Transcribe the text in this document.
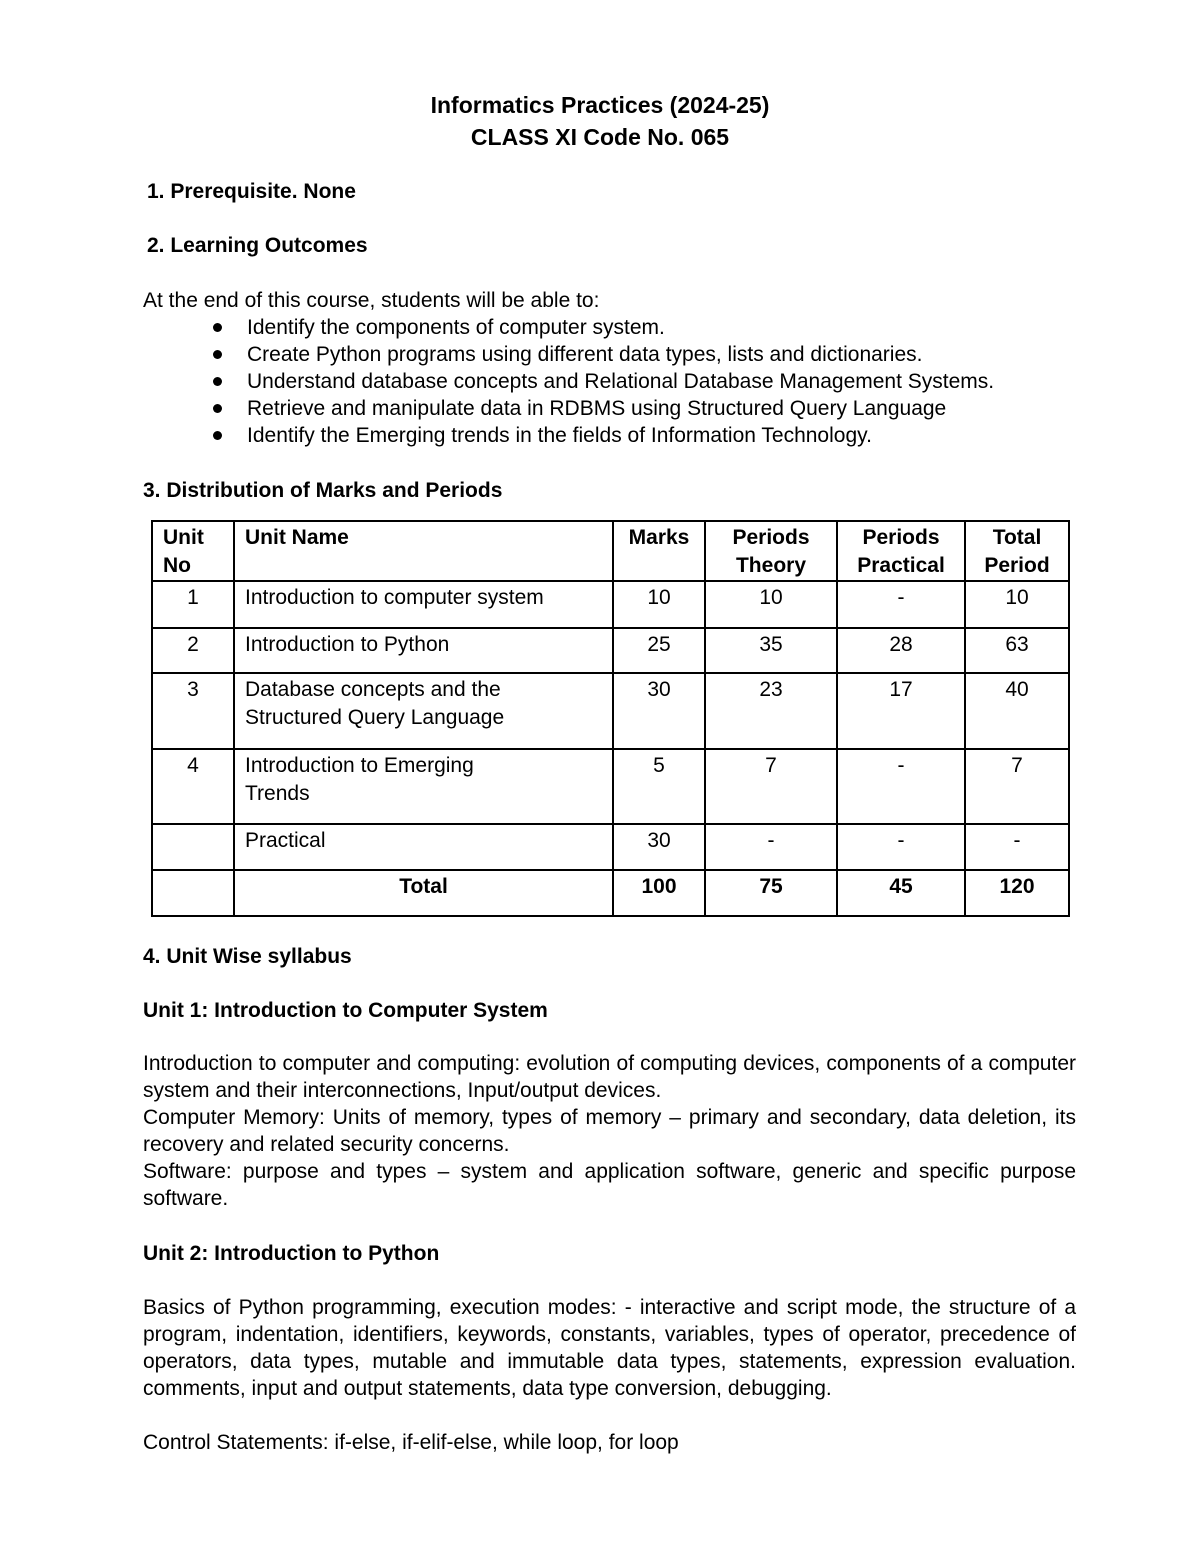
Informatics Practices (2024-25)
CLASS XI Code No. 065
1. Prerequisite. None
2. Learning Outcomes
At the end of this course, students will be able to:
Identify the components of computer system.
Create Python programs using different data types, lists and dictionaries.
Understand database concepts and Relational Database Management Systems.
Retrieve and manipulate data in RDBMS using Structured Query Language
Identify the Emerging trends in the fields of Information Technology.
3. Distribution of Marks and Periods
Unit No	Unit Name	Marks	Periods Theory	Periods Practical	Total Period
1	Introduction to computer system	10	10	-	10
2	Introduction to Python	25	35	28	63
3	Database concepts and the Structured Query Language	30	23	17	40
4	Introduction to Emerging Trends	5	7	-	7
	Practical	30	-	-	-
	Total	100	75	45	120
4. Unit Wise syllabus
Unit 1: Introduction to Computer System
Introduction to computer and computing: evolution of computing devices, components of a computer system and their interconnections, Input/output devices.
Computer Memory: Units of memory, types of memory – primary and secondary, data deletion, its recovery and related security concerns.
Software: purpose and types – system and application software, generic and specific purpose software.
Unit 2: Introduction to Python
Basics of Python programming, execution modes: - interactive and script mode, the structure of a program, indentation, identifiers, keywords, constants, variables, types of operator, precedence of operators, data types, mutable and immutable data types, statements, expression evaluation. comments, input and output statements, data type conversion, debugging.
Control Statements: if-else, if-elif-else, while loop, for loop
